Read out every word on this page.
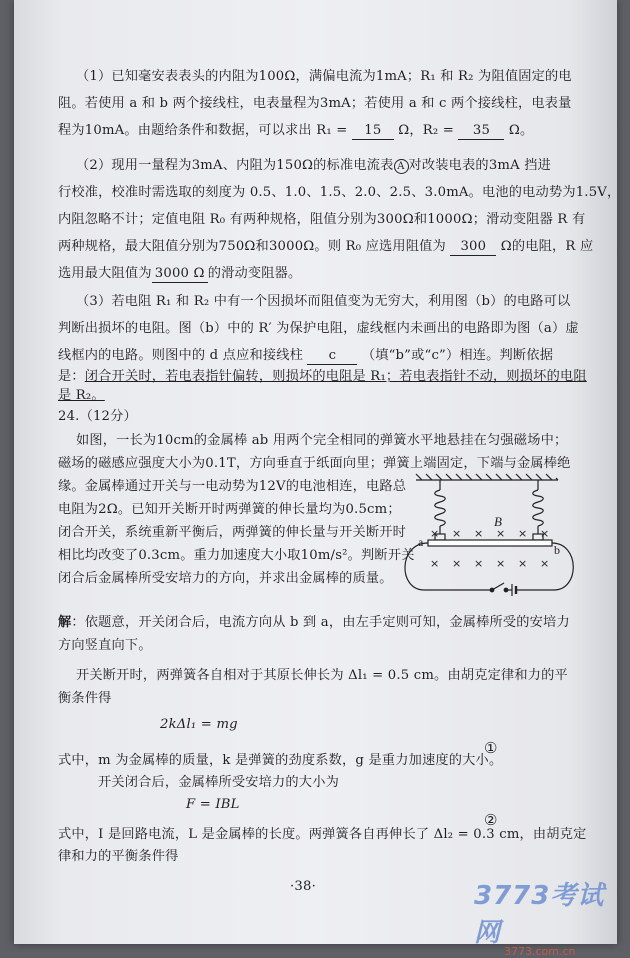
（1）已知毫安表表头的内阻为100Ω，满偏电流为1mA；R₁ 和 R₂ 为阻值固定的电
阻。若使用 a 和 b 两个接线柱，电表量程为3mA；若使用 a 和 c 两个接线柱，电表量
程为10mA。由题给条件和数据，可以求出 R₁ = 15 Ω，R₂ = 35 Ω。
（2）现用一量程为3mA、内阻为150Ω的标准电流表 A 对改装电表的3mA 挡进
行校准，校准时需选取的刻度为 0.5、1.0、1.5、2.0、2.5、3.0mA。电池的电动势为1.5V，
内阻忽略不计；定值电阻 R₀ 有两种规格，阻值分别为300Ω和1000Ω；滑动变阻器 R 有
两种规格，最大阻值分别为750Ω和3000Ω。则 R₀ 应选用阻值为 300 Ω的电阻，R 应
选用最大阻值为 3000 Ω 的滑动变阻器。
（3）若电阻 R₁ 和 R₂ 中有一个因损坏而阻值变为无穷大，利用图（b）的电路可以
判断出损坏的电阻。图（b）中的 R′ 为保护电阻，虚线框内未画出的电路即为图（a）虚
线框内的电路。则图中的 d 点应和接线柱 c （填“b”或“c”）相连。判断依据
是：闭合开关时，若电表指针偏转，则损坏的电阻是 R₁；若电表指针不动，则损坏的电阻
是 R₂。
24.（12分）
如图，一长为10cm的金属棒 ab 用两个完全相同的弹簧水平地悬挂在匀强磁场中；
磁场的磁感应强度大小为0.1T，方向垂直于纸面向里；弹簧上端固定，下端与金属棒绝
缘。金属棒通过开关与一电动势为12V的电池相连，电路总
电阻为2Ω。已知开关断开时两弹簧的伸长量均为0.5cm；
闭合开关，系统重新平衡后，两弹簧的伸长量与开关断开时
相比均改变了0.3cm。重力加速度大小取10m/s²。判断开关
闭合后金属棒所受安培力的方向，并求出金属棒的质量。
B
a
b
× × × × × ×
× × × × × ×
解：依题意，开关闭合后，电流方向从 b 到 a，由左手定则可知，金属棒所受的安培力
方向竖直向下。
开关断开时，两弹簧各自相对于其原长伸长为 Δl₁ = 0.5 cm。由胡克定律和力的平
衡条件得
2kΔl₁ = mg
①
式中，m 为金属棒的质量，k 是弹簧的劲度系数，g 是重力加速度的大小。
开关闭合后，金属棒所受安培力的大小为
F = IBL
②
式中，I 是回路电流，L 是金属棒的长度。两弹簧各自再伸长了 Δl₂ = 0.3 cm，由胡克定
律和力的平衡条件得
·38·	3773考试网
3773.com.cn
